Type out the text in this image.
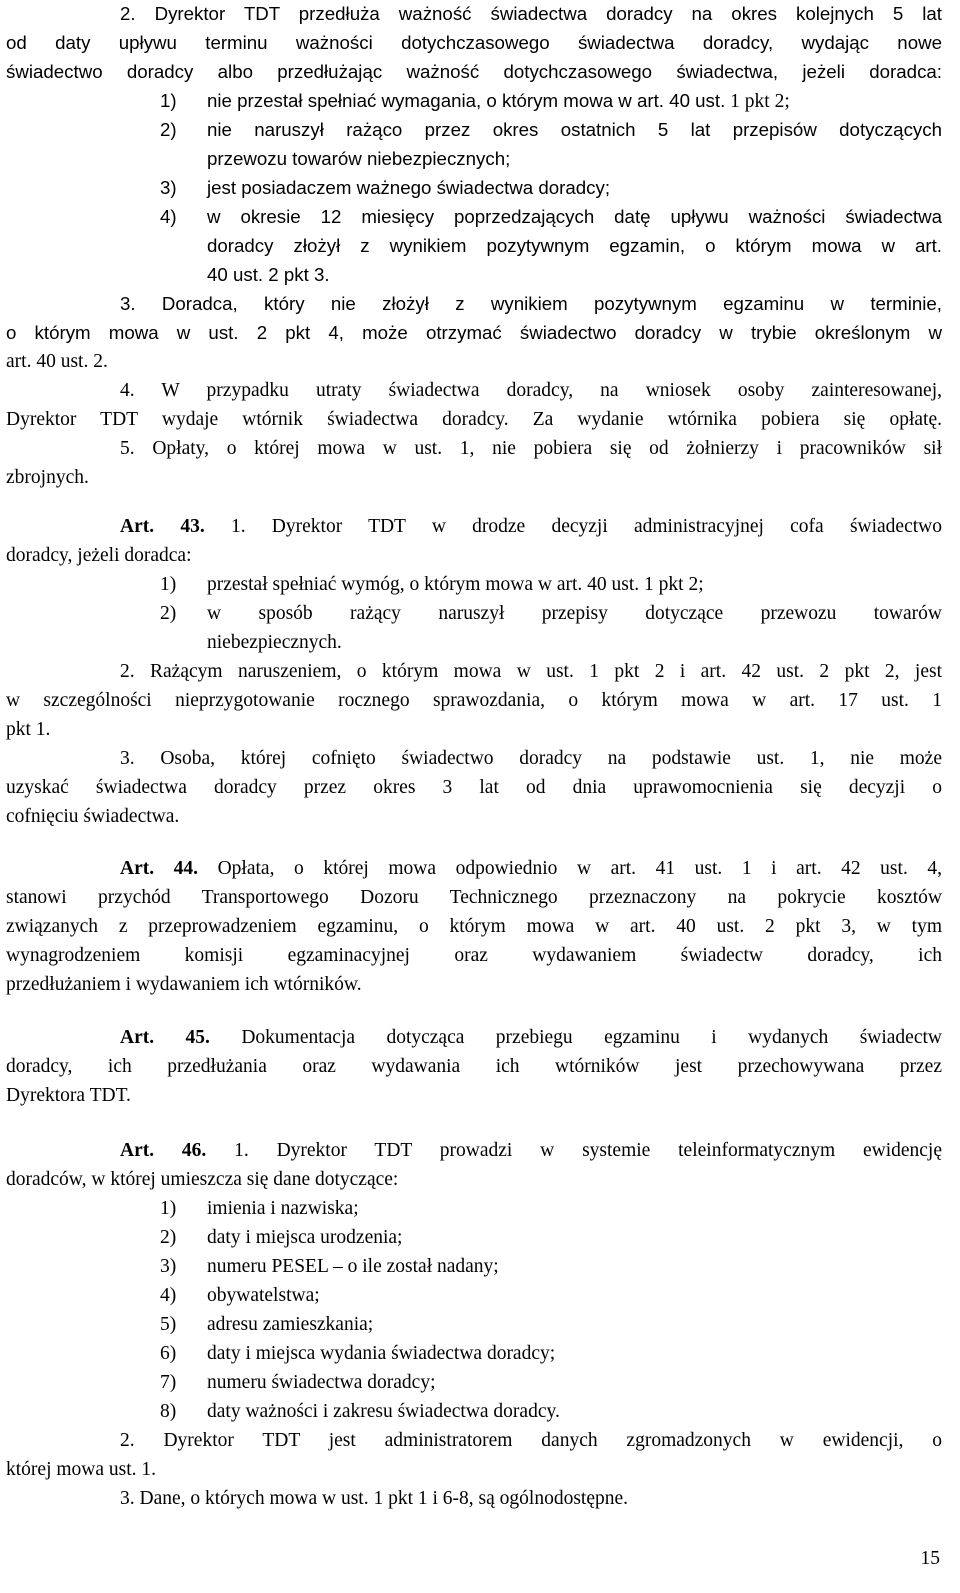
2. Dyrektor TDT przedłuża ważność świadectwa doradcy na okres kolejnych 5 lat
od daty upływu terminu ważności dotychczasowego świadectwa doradcy, wydając nowe
świadectwo doradcy albo przedłużając ważność dotychczasowego świadectwa, jeżeli doradca:
1) nie przestał spełniać wymagania, o którym mowa w art. 40 ust. 1 pkt 2;
2)	nie naruszył rażąco przez okres ostatnich 5 lat przepisów dotyczących
przewozu towarów niebezpiecznych;
3) jest posiadaczem ważnego świadectwa doradcy;
4)	w okresie 12 miesięcy poprzedzających datę upływu ważności świadectwa
doradcy złożył z wynikiem pozytywnym egzamin, o którym mowa w art.
40 ust. 2 pkt 3.
3. Doradca, który nie złożył z wynikiem pozytywnym egzaminu w terminie,
o którym mowa w ust. 2 pkt 4, może otrzymać świadectwo doradcy w trybie określonym w
art. 40 ust. 2.
4. W przypadku utraty świadectwa doradcy, na wniosek osoby zainteresowanej,
Dyrektor TDT wydaje wtórnik świadectwa doradcy. Za wydanie wtórnika pobiera się opłatę.
5. Opłaty, o której mowa w ust. 1, nie pobiera się od żołnierzy i pracowników sił
zbrojnych.
Art. 43. 1. Dyrektor TDT w drodze decyzji administracyjnej cofa świadectwo
doradcy, jeżeli doradca:
1) przestał spełniać wymóg, o którym mowa w art. 40 ust. 1 pkt 2;
2)	w sposób rażący naruszył przepisy dotyczące przewozu towarów
niebezpiecznych.
2. Rażącym naruszeniem, o którym mowa w ust. 1 pkt 2 i art. 42 ust. 2 pkt 2, jest
w szczególności nieprzygotowanie rocznego sprawozdania, o którym mowa w art. 17 ust. 1
pkt 1.
3. Osoba, której cofnięto świadectwo doradcy na podstawie ust. 1, nie może
uzyskać świadectwa doradcy przez okres 3 lat od dnia uprawomocnienia się decyzji o
cofnięciu świadectwa.
Art. 44. Opłata, o której mowa odpowiednio w art. 41 ust. 1 i art. 42 ust. 4,
stanowi przychód Transportowego Dozoru Technicznego przeznaczony na pokrycie kosztów
związanych z przeprowadzeniem egzaminu, o którym mowa w art. 40 ust. 2 pkt 3, w tym
wynagrodzeniem komisji egzaminacyjnej oraz wydawaniem świadectw doradcy, ich
przedłużaniem i wydawaniem ich wtórników.
Art. 45. Dokumentacja dotycząca przebiegu egzaminu i wydanych świadectw
doradcy, ich przedłużania oraz wydawania ich wtórników jest przechowywana przez
Dyrektora TDT.
Art. 46. 1. Dyrektor TDT prowadzi w systemie teleinformatycznym ewidencję
doradców, w której umieszcza się dane dotyczące:
1) imienia i nazwiska;
2) daty i miejsca urodzenia;
3) numeru PESEL – o ile został nadany;
4) obywatelstwa;
5) adresu zamieszkania;
6) daty i miejsca wydania świadectwa doradcy;
7) numeru świadectwa doradcy;
8) daty ważności i zakresu świadectwa doradcy.
2. Dyrektor TDT jest administratorem danych zgromadzonych w ewidencji, o
której mowa ust. 1.
3. Dane, o których mowa w ust. 1 pkt 1 i 6-8, są ogólnodostępne.
15
